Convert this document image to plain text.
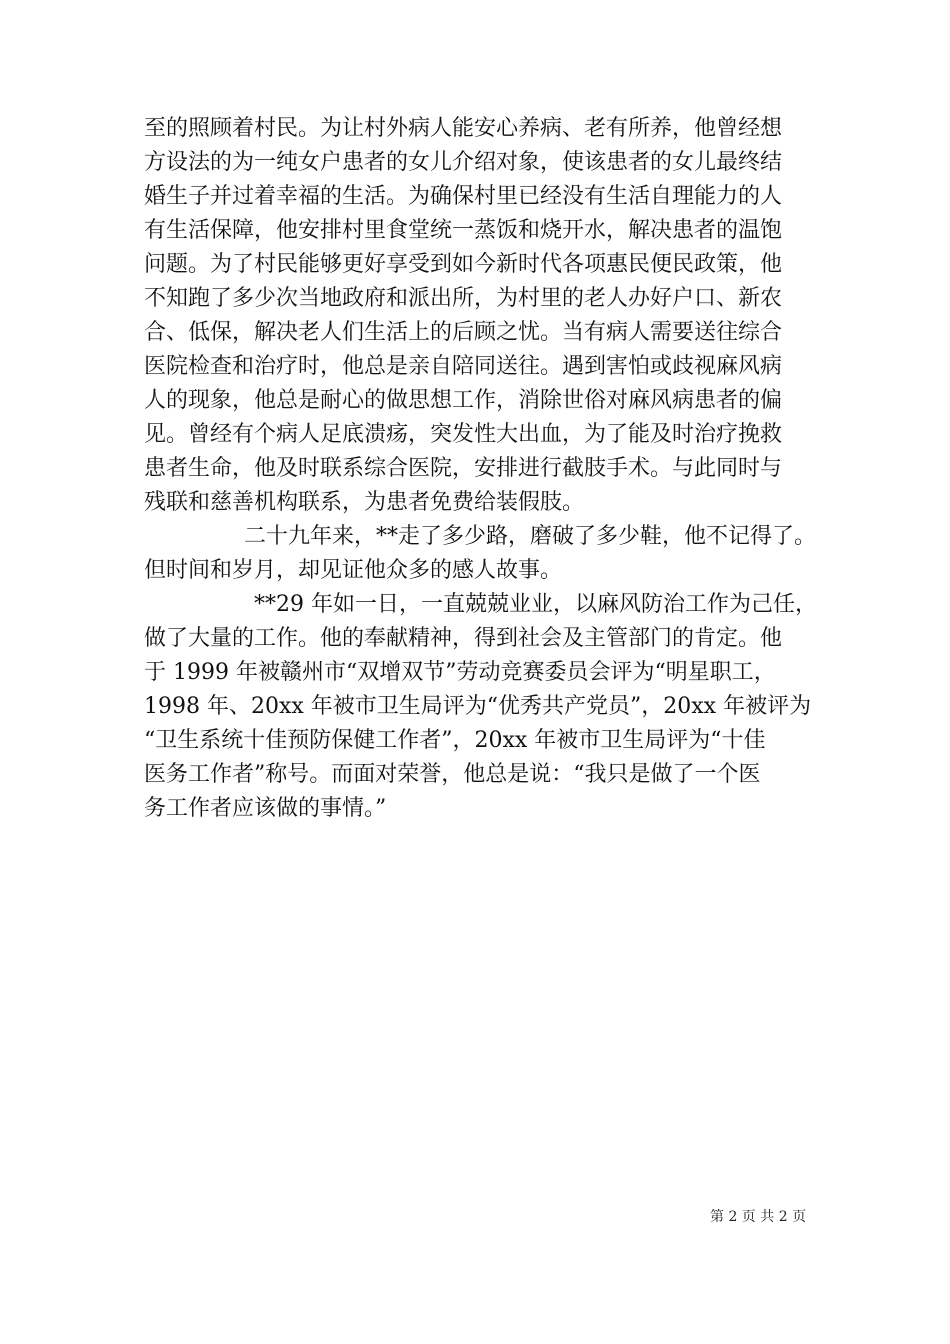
至的照顾着村民。为让村外病人能安心养病、老有所养，他曾经想
方设法的为一纯女户患者的女儿介绍对象，使该患者的女儿最终结
婚生子并过着幸福的生活。为确保村里已经没有生活自理能力的人
有生活保障，他安排村里食堂统一蒸饭和烧开水，解决患者的温饱
问题。为了村民能够更好享受到如今新时代各项惠民便民政策，他
不知跑了多少次当地政府和派出所，为村里的老人办好户口、新农
合、低保，解决老人们生活上的后顾之忧。当有病人需要送往综合
医院检查和治疗时，他总是亲自陪同送往。遇到害怕或歧视麻风病
人的现象，他总是耐心的做思想工作，消除世俗对麻风病患者的偏
见。曾经有个病人足底溃疡，突发性大出血，为了能及时治疗挽救
患者生命，他及时联系综合医院，安排进行截肢手术。与此同时与
残联和慈善机构联系，为患者免费给装假肢。
二十九年来，**走了多少路，磨破了多少鞋，他不记得了。
但时间和岁月，却见证他众多的感人故事。
**29 年如一日，一直兢兢业业，以麻风防治工作为己任，
做了大量的工作。他的奉献精神，得到社会及主管部门的肯定。他
于 1999 年被赣州市“双增双节”劳动竞赛委员会评为“明星职工，
1998 年、20xx 年被市卫生局评为“优秀共产党员”，20xx 年被评为
“卫生系统十佳预防保健工作者”，20xx 年被市卫生局评为“十佳
医务工作者”称号。而面对荣誉，他总是说：“我只是做了一个医
务工作者应该做的事情。”
第 2 页 共 2 页
